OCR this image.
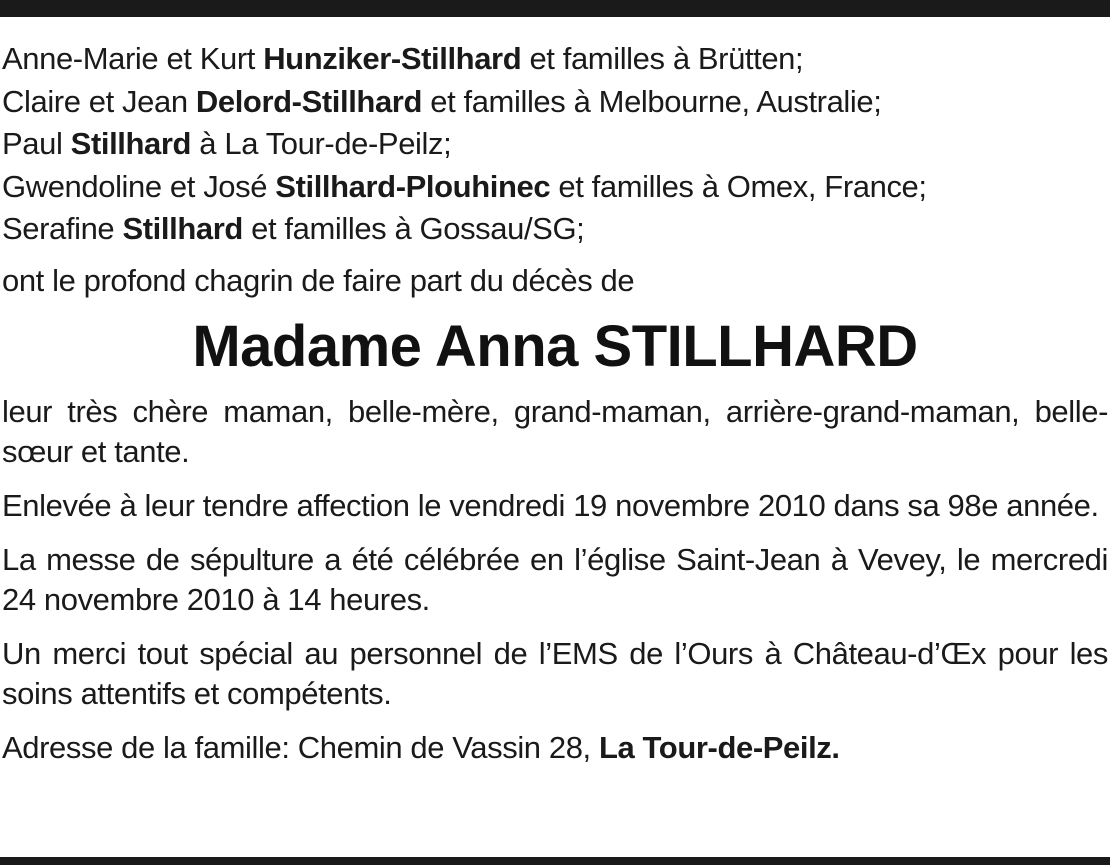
Anne-Marie et Kurt Hunziker-Stillhard et familles à Brütten;
Claire et Jean Delord-Stillhard et familles à Melbourne, Australie;
Paul Stillhard à La Tour-de-Peilz;
Gwendoline et José Stillhard-Plouhinec et familles à Omex, France;
Serafine Stillhard et familles à Gossau/SG;
ont le profond chagrin de faire part du décès de
Madame Anna STILLHARD
leur très chère maman, belle-mère, grand-maman, arrière-grand-maman, belle-sœur et tante.
Enlevée à leur tendre affection le vendredi 19 novembre 2010 dans sa 98e année.
La messe de sépulture a été célébrée en l’église Saint-Jean à Vevey, le mercredi 24 novembre 2010 à 14 heures.
Un merci tout spécial au personnel de l’EMS de l’Ours à Château-d’Œx pour les soins attentifs et compétents.
Adresse de la famille: Chemin de Vassin 28, La Tour-de-Peilz.
